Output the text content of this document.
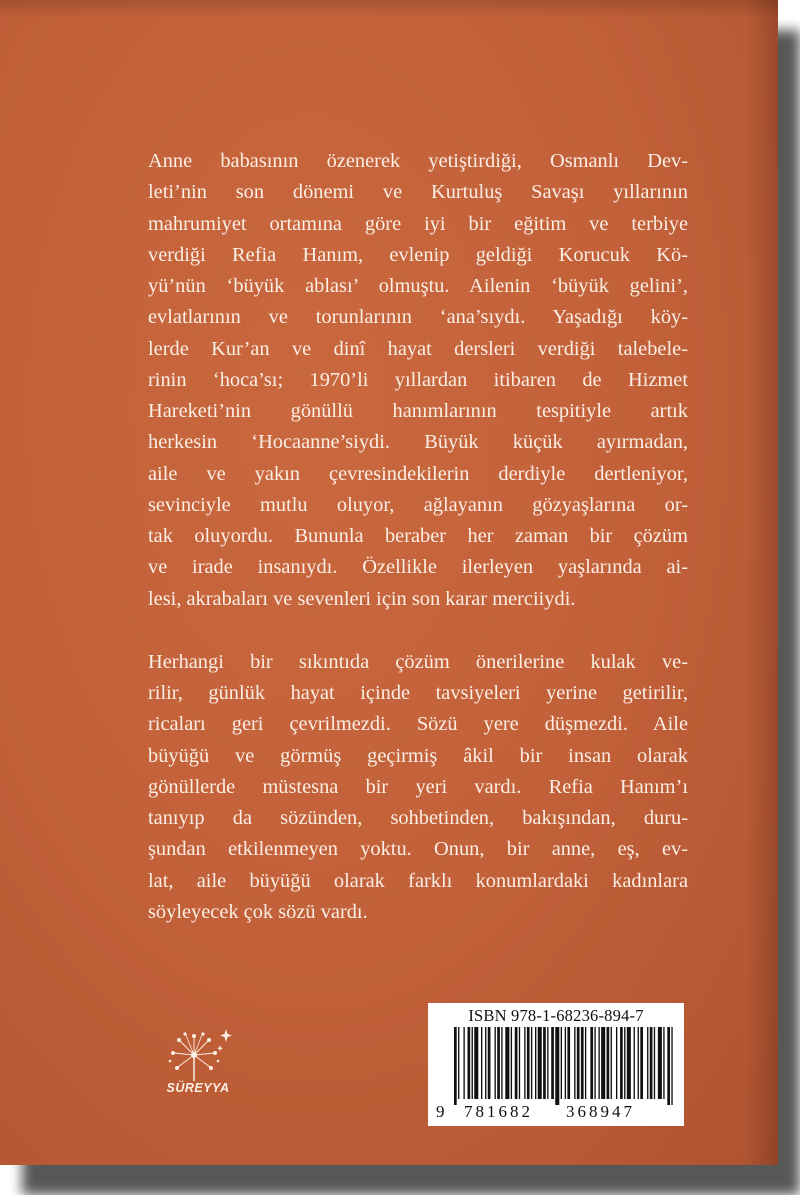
Anne babasının özenerek yetiştirdiği, Osmanlı Dev-
leti’nin son dönemi ve Kurtuluş Savaşı yıllarının
mahrumiyet ortamına göre iyi bir eğitim ve terbiye
verdiği Refia Hanım, evlenip geldiği Korucuk Kö-
yü’nün ‘büyük ablası’ olmuştu. Ailenin ‘büyük gelini’,
evlatlarının ve torunlarının ‘ana’sıydı. Yaşadığı köy-
lerde Kur’an ve dinî hayat dersleri verdiği talebele-
rinin ‘hoca’sı; 1970’li yıllardan itibaren de Hizmet
Hareketi’nin gönüllü hanımlarının tespitiyle artık
herkesin ‘Hocaanne’siydi. Büyük küçük ayırmadan,
aile ve yakın çevresindekilerin derdiyle dertleniyor,
sevinciyle mutlu oluyor, ağlayanın gözyaşlarına or-
tak oluyordu. Bununla beraber her zaman bir çözüm
ve irade insanıydı. Özellikle ilerleyen yaşlarında ai-
lesi, akrabaları ve sevenleri için son karar merciiydi.

Herhangi bir sıkıntıda çözüm önerilerine kulak ve-
rilir, günlük hayat içinde tavsiyeleri yerine getirilir,
ricaları geri çevrilmezdi. Sözü yere düşmezdi. Aile
büyüğü ve görmüş geçirmiş âkil bir insan olarak
gönüllerde müstesna bir yeri vardı. Refia Hanım’ı
tanıyıp da sözünden, sohbetinden, bakışından, duru-
şundan etkilenmeyen yoktu. Onun, bir anne, eş, ev-
lat, aile büyüğü olarak farklı konumlardaki kadınlara
söyleyecek çok sözü vardı.

SÜREYYA
ISBN 978-1-68236-894-7
9 781682 368947
